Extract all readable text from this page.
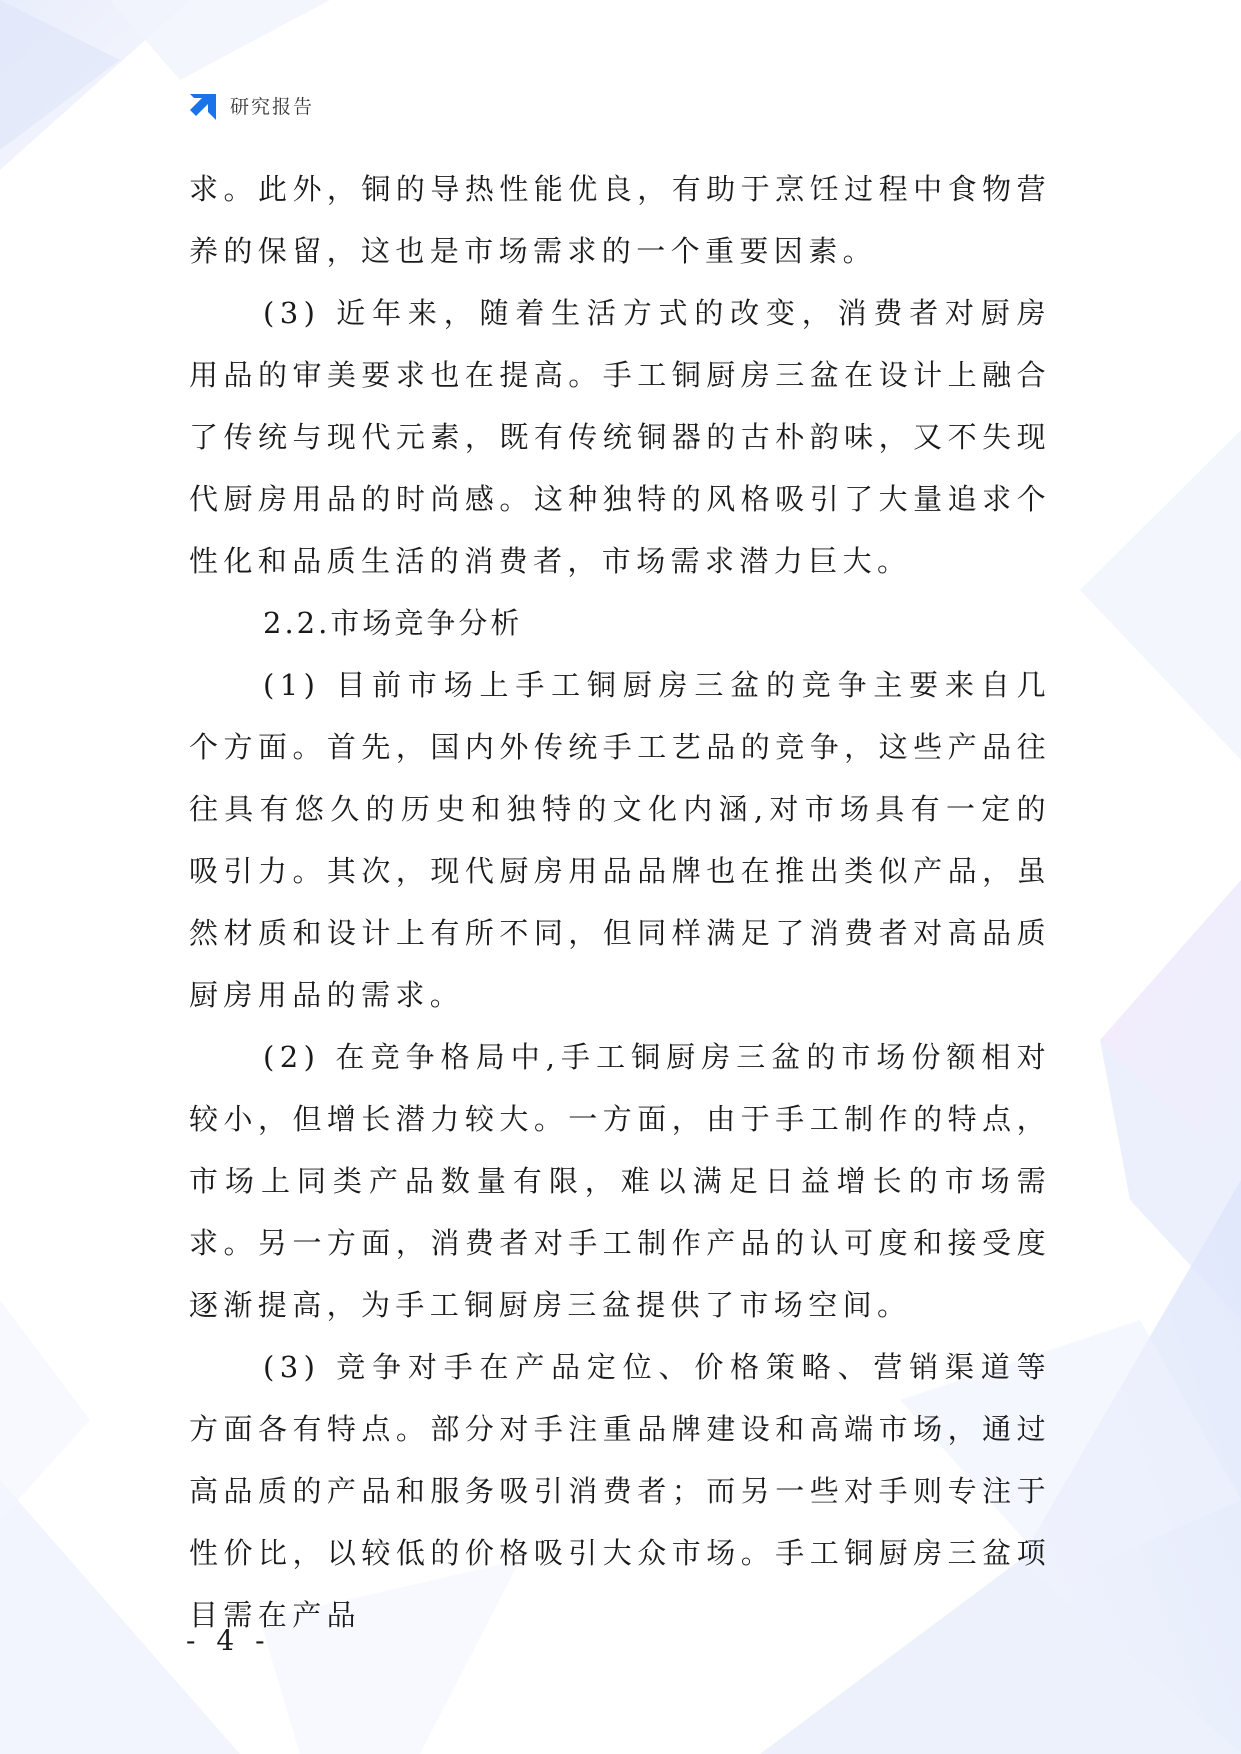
研究报告

求。此外，铜的导热性能优良，有助于烹饪过程中食物营养的保留，这也是市场需求的一个重要因素。

(3) 近年来，随着生活方式的改变，消费者对厨房用品的审美要求也在提高。手工铜厨房三盆在设计上融合了传统与现代元素，既有传统铜器的古朴韵味，又不失现代厨房用品的时尚感。这种独特的风格吸引了大量追求个性化和品质生活的消费者，市场需求潜力巨大。

2.2.市场竞争分析

(1) 目前市场上手工铜厨房三盆的竞争主要来自几个方面。首先，国内外传统手工艺品的竞争，这些产品往往具有悠久的历史和独特的文化内涵,对市场具有一定的吸引力。其次，现代厨房用品品牌也在推出类似产品，虽然材质和设计上有所不同，但同样满足了消费者对高品质厨房用品的需求。

(2) 在竞争格局中,手工铜厨房三盆的市场份额相对较小，但增长潜力较大。一方面，由于手工制作的特点，市场上同类产品数量有限，难以满足日益增长的市场需求。另一方面，消费者对手工制作产品的认可度和接受度逐渐提高，为手工铜厨房三盆提供了市场空间。

(3) 竞争对手在产品定位、价格策略、营销渠道等方面各有特点。部分对手注重品牌建设和高端市场，通过高品质的产品和服务吸引消费者；而另一些对手则专注于性价比，以较低的价格吸引大众市场。手工铜厨房三盆项目需在产品

- 4 -
